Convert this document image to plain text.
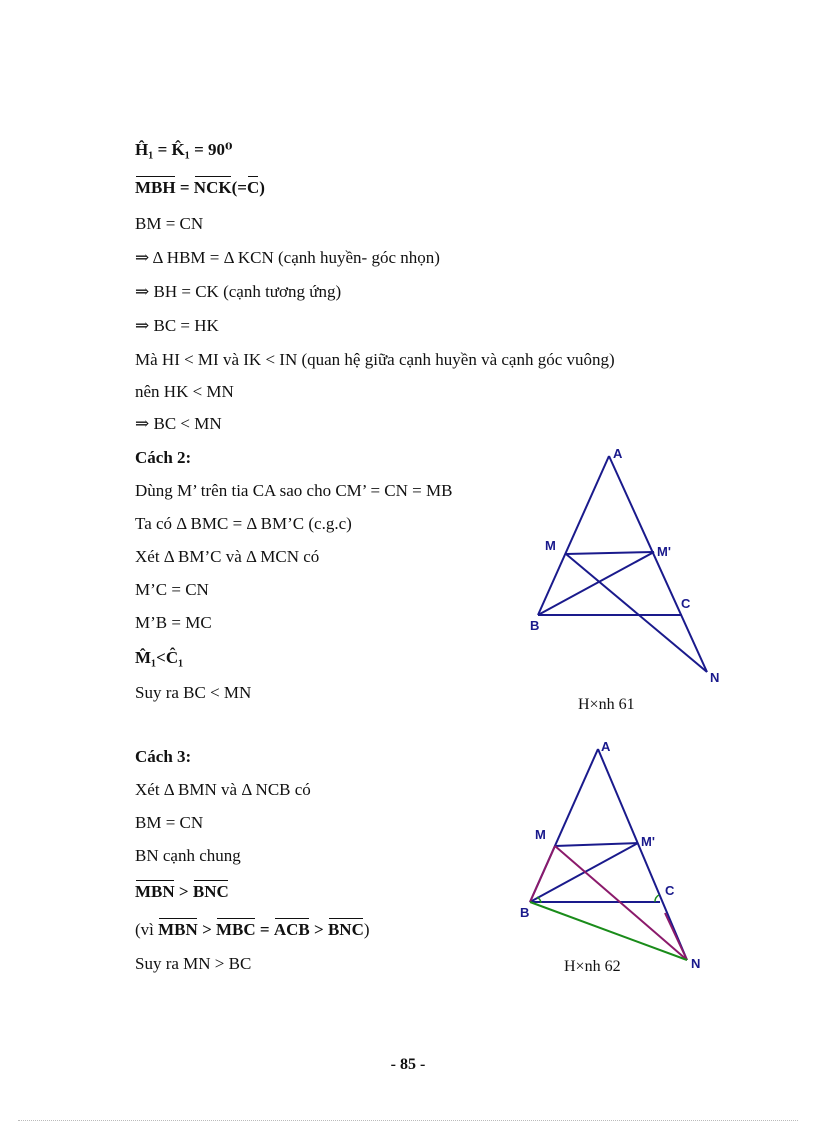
Ĥ₁ = K̂₁ = 90⁰
MBH = NCK(=C)
BM = CN
⇒ Δ HBM = Δ KCN (cạnh huyền- góc nhọn)
⇒ BH = CK (cạnh tương ứng)
⇒ BC = HK
Mà HI < MI và IK < IN (quan hệ giữa cạnh huyền và cạnh góc vuông)
nên HK < MN
⇒ BC < MN
Cách 2:
Dùng M’ trên tia CA sao cho CM’ = CN = MB
Ta có Δ BMC = Δ BM’C (c.g.c)
Xét Δ BM’C và Δ MCN có
M’C = CN
M’B = MC
M̂₁<Ĉ₁
Suy ra BC < MN
Cách 3:
Xét Δ BMN và Δ NCB có
BM = CN
BN cạnh chung
MBN > BNC
(vì MBN > MBC = ACB > BNC)
Suy ra MN > BC
A
M	M'
C
B
N
H×nh 61
A
M	M'
C
B
N
H×nh 62
- 85 -
